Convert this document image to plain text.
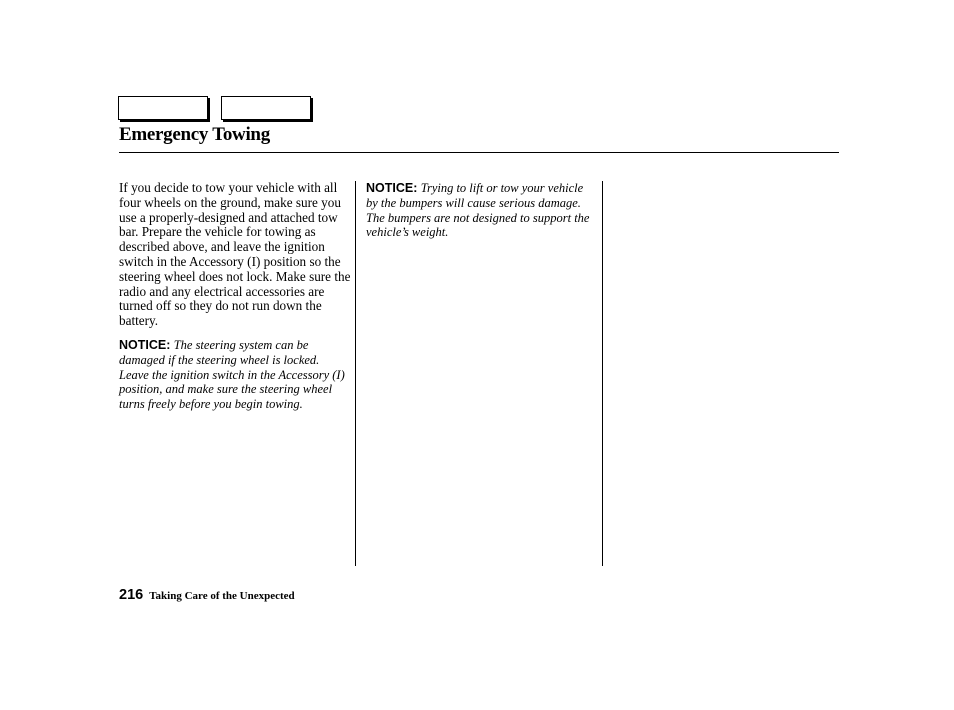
Emergency Towing

If you decide to tow your vehicle with all four wheels on the ground, make sure you use a properly-designed and attached tow bar. Prepare the vehicle for towing as described above, and leave the ignition switch in the Accessory (I) position so the steering wheel does not lock. Make sure the radio and any electrical accessories are turned off so they do not run down the battery.

NOTICE: The steering system can be damaged if the steering wheel is locked. Leave the ignition switch in the Accessory (I) position, and make sure the steering wheel turns freely before you begin towing.

NOTICE: Trying to lift or tow your vehicle by the bumpers will cause serious damage. The bumpers are not designed to support the vehicle’s weight.

216 Taking Care of the Unexpected
